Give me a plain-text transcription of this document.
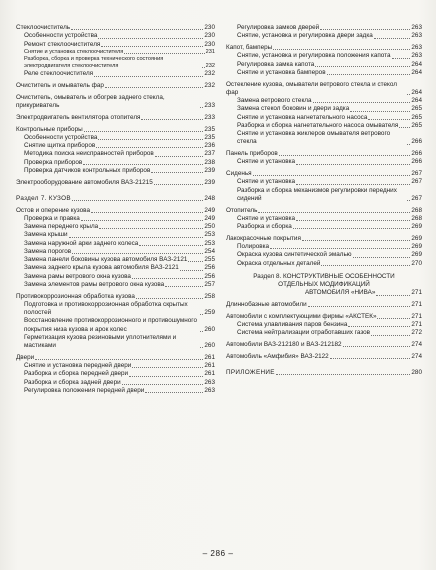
Стеклоочиститель	230
Особенности устройства	230
Ремонт стеклоочистителя	230
Снятие и установка стеклоочистителя	231
Разборка, сборка и проверка технического состояния электродвигателя стеклоочистителя	232
Реле стеклоочистителя	232
Очиститель и омыватель фар	232
Очиститель, омыватель и обогрев заднего стекла, прикуриватель	233
Электродвигатель вентилятора отопителя	233
Контрольные приборы	235
Особенности устройства	235
Снятие щитка приборов	236
Методика поиска неисправностей приборов	237
Проверка приборов	238
Проверка датчиков контрольных приборов	239
Электрооборудование автомобиля ВАЗ-21215	239
Раздел 7. КУЗОВ	248
Остов и оперение кузова	249
Проверка и правка	249
Замена переднего крыла	250
Замена крыши	253
Замена наружной арки заднего колеса	253
Замена порогов	254
Замена панели боковины кузова автомобиля ВАЗ-2121	255
Замена заднего крыла кузова автомобиля ВАЗ-2121	256
Замена рамы ветрового окна кузова	256
Замена элементов рамы ветрового окна кузова	257
Противокоррозионная обработка кузова	258
Подготовка и противокоррозионная обработка скрытых полостей	259
Восстановление противокоррозионного и противошумного покрытия низа кузова и арок колес	260
Герметизация кузова резиновыми уплотнителями и мастиками	260
Двери	261
Снятие и установка передней двери	261
Разборка и сборка передней двери	261
Разборка и сборка задней двери	263
Регулировка положения передней двери	263
Регулировка замков дверей	263
Снятие, установка и регулировка двери задка	263
Капот, бамперы	263
Снятие, установка и регулировка положения капота	263
Регулировка замка капота	264
Снятие и установка бамперов	264
Остекление кузова, омыватели ветрового стекла и стекол фар	264
Замена ветрового стекла	264
Замена стекол боковин и двери задка	265
Снятие и установка нагнетательного насоса	265
Разборка и сборка нагнетательного насоса омывателя 265
Снятие и установка жиклеров омывателя ветрового стекла	266
Панель приборов	266
Снятие и установка	266
Сиденья	267
Снятие и установка	267
Разборка и сборка механизмов регулировки передних сидений	267
Отопитель	268
Снятие и установка	268
Разборка и сборка	269
Лакокрасочные покрытия	269
Полировка	269
Окраска кузова синтетической эмалью	269
Окраска отдельных деталей	270
Раздел 8. КОНСТРУКТИВНЫЕ ОСОБЕННОСТИ

ОТДЕЛЬНЫХ МОДИФИКАЦИЙ

АВТОМОБИЛЯ «НИВА»	271
Длиннобазные автомобили	271
Автомобили с комплектующими фирмы «АКСТЕК»	271
Система улавливания паров бензина	271
Система нейтрализации отработавших газов	272
Автомобили ВАЗ-212180 и ВАЗ-212182	274
Автомобиль «Амфибия» ВАЗ-2122	274
ПРИЛОЖЕНИЕ	280
– 286 –
